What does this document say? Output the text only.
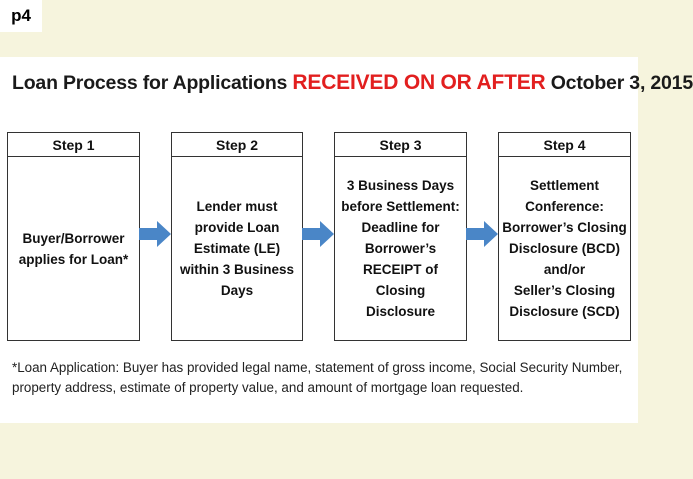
p4
Loan Process for Applications RECEIVED ON OR AFTER October 3, 2015
Step 1
Buyer/Borrower
applies for Loan*
Step 2
Lender must
provide Loan
Estimate (LE)
within 3 Business
Days
Step 3
3 Business Days
before Settlement:
Deadline for
Borrower’s
RECEIPT of Closing
Disclosure
Step 4
Settlement
Conference:
Borrower’s Closing
Disclosure (BCD)
and/or
Seller’s Closing
Disclosure (SCD)
*Loan Application: Buyer has provided legal name, statement of gross income, Social Security Number, property address, estimate of property value, and amount of mortgage loan requested.
